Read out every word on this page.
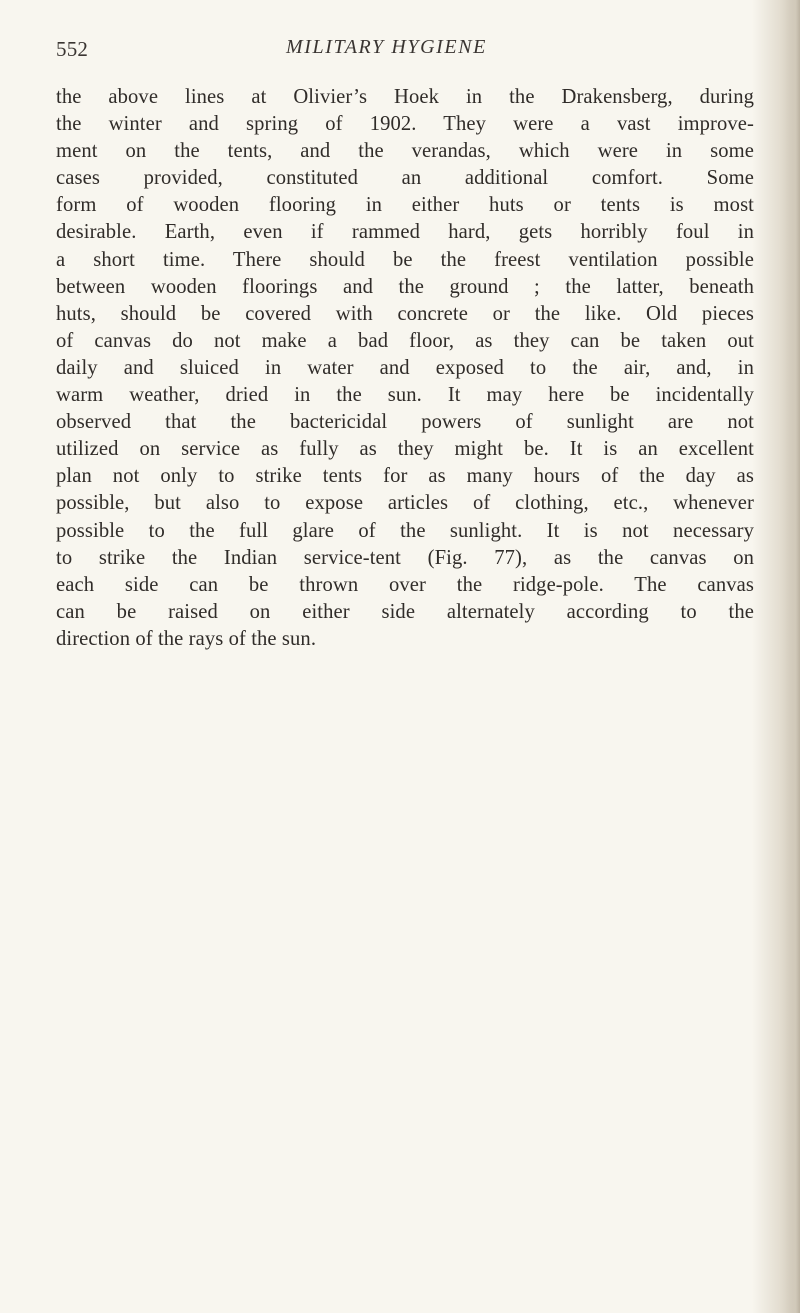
552	MILITARY HYGIENE
the above lines at Olivier’s Hoek in the Drakensberg, during
the winter and spring of 1902. They were a vast improve-
ment on the tents, and the verandas, which were in some
cases provided, constituted an additional comfort. Some
form of wooden flooring in either huts or tents is most
desirable. Earth, even if rammed hard, gets horribly foul in
a short time. There should be the freest ventilation possible
between wooden floorings and the ground ; the latter, beneath
huts, should be covered with concrete or the like. Old pieces
of canvas do not make a bad floor, as they can be taken out
daily and sluiced in water and exposed to the air, and, in
warm weather, dried in the sun. It may here be incidentally
observed that the bactericidal powers of sunlight are not
utilized on service as fully as they might be. It is an excellent
plan not only to strike tents for as many hours of the day as
possible, but also to expose articles of clothing, etc., whenever
possible to the full glare of the sunlight. It is not necessary
to strike the Indian service-tent (Fig. 77), as the canvas on
each side can be thrown over the ridge-pole. The canvas
can be raised on either side alternately according to the
direction of the rays of the sun.
